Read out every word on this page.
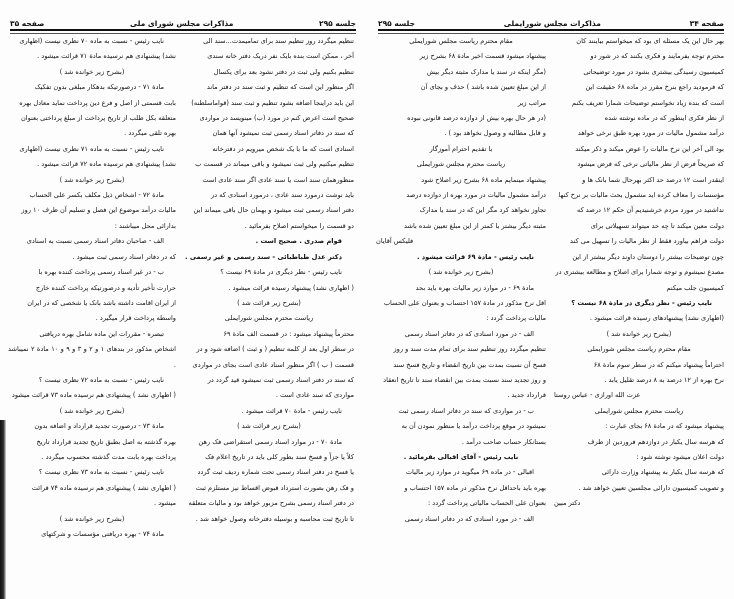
جلسه ۲۹۵
مذاکرات مجلس شورای ملی
صفحه ۳۵
تنظیم میگردد روز تنظیم سند برای تمامیمدت...سند الی
آخر ، ممکن است بنده بایک نفر دریک دفتر خانه سندی
تنظیم بکنیم ولی ثبت در دفتر نشود بعد برای یکسال
اگر منظور این است که تنظیم و ثبت سند در دفتر ماند
این باید دراینجا اضافه بشود تنظیم و ثبت سند (قواماسلطنه)
صحیح است اعرض کنم در مورد (ب) مینویسد در مواردی
که سند در دفاتر اسناد رسمی ثبت نمیشود آنها همان
اسنادی است که ما با یک شخص میرویم در دفترخانه
تنظیم میکنیم ولی ثبت نمیشود و باقی میماند در قسمت ب
منظورهمان سند است یا سند عادی اگر سند عادی است
باید نوشت درمورد سند عادی ، درمورد اسنادی که در
دفتر اسناد رسمی ثبت میشود و بهمان حال باقی میماند این
دو قسمت را میخواستم اصلاح بفرمائید .
قوام صدری . صحیح است .
دکتر عدل طباطبائی - سند رسمی و غیر رسمی .
نایب رئیس - نظر دیگری در مادة ۶۹ نیست ؟
( اظهاری نشد) پیشنهاد رسیده قرائت میشود .
(بشرح زیر قرائت شد )
ریاست محترم مجلس شورایملی
محترماً پیشنهاد میشود : در قسمت الف مادة ۶۹
در سطر اول بعد از کلمه تنظیم ( و ثبت ) اضافه شود و در
قسمت ( ب ) اگر منظور اسناد عادی است بجای در مواردی
که سند در دفتر اسناد رسمی ثبت نمیشود قید گردد در
مواردی که سند عادی است .
نایب رئیس - مادة ۷۰ قرائت میشود .
(بشرح زیر قرائت شد )
مادة ۷۰ - در موارد اسناد رسمی استقراضی فک رهن
کلاً یا جزاً و فسخ سند بطور کلی باید در تاریخ اعلام فک
یا فسخ در دفتر اسناد رسمی تحت شماره ردیف ثبت گردد
و فک رهن بصورت استرداد قبوض اقساط نیز مستلزم ثبت
در دفتر اسناد رسمی بشرح مزبور خواهد بود و مالیات متعلقه
تا تاریخ ثبت محاسبه و بوسیله دفترخانه وصول خواهد شد .
نایب رئیس - نسبت به ماده ۷۰ نظری نیست (اظهاری
نشد) پیشنهادی هم نرسیده مادة ۷۱ قرائت میشود .
(بشرح زیر خوانده شد )
مادة ۷۱ - درصورتیکه بدهکار مبلغی بدون تفکیک
بابت قسمتی از اصل و فرع دین پرداخت نماید معادل بهره
متعلقه بکل طلب از تاریخ پرداخت از مبلغ پرداختی بعنوان
بهره تلقی میگردد .
نایب رئیس - نسبت به ماده ۷۱ نظری نیست (اظهاری
نشد) پیشنهادی هم نرسیده ماده ۷۲ قرائت میشود .
(بشرح زیر خوانده شد )
مادة ۷۲ - اشخاص ذیل مکلف بکسر علی الحساب
مالیات درآمد موضوع این فصل و تسلیم آن ظرف ۱۰ روز
بدارائی محل میباشند :
الف - صاحبان دفاتر اسناد رسمی نسبت به اسنادی
که در دفاتر اسناد رسمی ثبت میشود .
ب - در غیر اسناد رسمی پرداخت کننده بهره با
حرارت تأخیر تأدیه و درصورتیکه پرداخت کننده خارج
از ایران اقامت داشته باشد بانک یا شخصی که در ایران
واسطه پرداخت قرار میگیرد .
تبصره - مقررات این ماده شامل بهره دریافتی
اشخاص مذکور در بندهای ۱ و ۲ و ۳ و ۹ و ۱۰ مادة ۲ نمیباشد .
نایب رئیس - نسبت به ماده ۷۲ نظری نیست ؟
( اظهاری نشد ) پیشنهادی هم نرسیده ماده ۷۳ قرائت میشود
(بشرح زیر خوانده شد )
مادة ۷۳ - درصورت تجدید قرارداد و اضافه بدون
بهره گذشته به اصل بطبق تاریخ تجدید قرارداد تاریخ
پرداخت بهره بابت مدت گذشته محسوب میگردد .
نایب رئیس - نسبت به ماده ۷۳ نظری نیست ؟
( اظهاری نشد ) پیشنهادی هم نرسیده ماده ۷۴ قرائت
میشود .
(بشرح زیر خوانده شد )
مادة ۷۴ - بهره دریافتی مؤسسات و شرکتهای
صفحه ۳۴
مذاکرات مجلس شورایملی
جلسه ۲۹۵
بهر حال این یک مسئله ای بود که میخواستم بیاینند کان
محترم توجه بفرمایند و فکری بکنند که در شور دو
کمیسیون رسیدگی بیشتری بشود در مورد توضیحاتی
که فرمودید راجع بنرخ مقرر در ماده ۶۸ حقیقت این
است که بنده زیاد نخواستم توضیحات شمارا تعریف بکنم
از نظر فکری اینطور که در ماده نوشته شده
درآمد مشمول مالیات در مورد بهره طبق نرخی خواهد
بود الی آخر این نرخ مالیات را عوض میکند و ذکر میکند
که صریحاً فرض از نظر مالیاتی نرخی که فرض میشود
اینقدر است ۱۲ درصد حد اکثر بهرحال شما بانک ها و
مؤسسات را معاف کرده اید مشمول بحث مالیات بر نرخ کنها
نداشتید در مورد مردم خرشنیدیم آن حکم ۱۲ درصد که
دولت معین میکند تا چه حد میتواند تسهیلاتی برای
دولت فراهم بیاورد فقط از نظر مالیات را تسهیل می کند
چون توضیحات بیشتر را دوستان داوند دیگر بیشتر از این
مصدع نمیشوم و توجه شمارا برای اصلاح و مطالعه بیشتری در
کمیسیون جلب میکنم
نایب رئیس - نظر دیگری در مادة ۶۸ نیست ؟
(اظهاری نشد) پیشنهادهای رسیده قرائت میشود .
(بشرح زیر خوانده شد )
مقام محترم ریاست مجلس شورایملی
احتراماً پیشنهاد میکنم که در سطر سوم مادة ۶۸
نرخ بهره از ۱۲ درصد به ۸ درصد تقلیل یابد .
عزت الله اورازی - عباس روستا
ریاست محترم مجلس شورایملی
پیشنهاد میشود که در مادة ۶۸ بجای عبارت :
که هرسه سال یکبار در دوازدهم فروردین از طرف
دولت اعلان میشود نوشته شود :
که هرسه سال یکبار به پیشنهاد وزارت دارائی
و تصویب کمیسیون دارائی مجلسین تعیین خواهد شد .
دکتر مبین
مقام محترم ریاست مجلس شورایملی
پیشنهاد میشود قسمت اخیر مادة ۶۸ بشرح زیر
(مگر اینکه در سند یا مدارک مثبته دیگر بیش
از این مبلغ تعیین شده باشد ) حذف و بجای آن
مراتب زیر
(در هر حال بهره بیش از دوازده درصد قانونی نبوده
و قابل مطالبه و وصول نخواهد بود ) .
با تقدیم احترام آموزگار
ریاست محترم مجلس شورایملی
پیشنهاد مینمایم ماده ۶۸ بشرح زیر اصلاح شود
درآمد مشمول مالیات در مورد بهره از دوازده درصد
تجاوز نخواهد کرد مگر این که در سند یا مدارک
مثبته دیگر بیشتر یا کمتر از این مبلغ تعیین شده باشد
فلیکس آقایان
نایب رئیس - مادة ۶۹ قرائت میشود .
(بشرح زیر خوانده شد )
مادة ۶۹ - در موارد زیر مالیات بهره باید بحد
اقل نرخ مذکور در مادة ۱۵۷ احتساب و بعنوان علی الحساب
مالیات پرداخت گردد :
الف - در مورد اسنادی که در دفاتر اسناد رسمی
تنظیم میگردد روز تنظیم سند برای تمام مدت سند و روز
فسخ آن نسبت بمدت بین تاریخ انقضاء و تاریخ فسخ سند
و روز تجدید سند نسبت بمدت بین انقضاء سند تا تاریخ انعقاد
قرارداد جدید .
ب - در مواردی که سند در دفاتر اسناد رسمی ثبت
نمیشود در موقع پرداخت درآمد یا منظور نمودن آن به
بستانکار حساب صاحب درآمد .
نایب رئیس - آقای اقبالی بفرمائید .
اقبالی - در ماده ۶۹ میگوید در موارد زیر مالیات
بهره باید باحداقل نرخ مذکور در ماده ۱۵۷ احتساب و
بعنوان علی الحساب مالیاتی پرداخت گردد :
الف - در مورد اسنادی که در دفاتر اسناد رسمی
